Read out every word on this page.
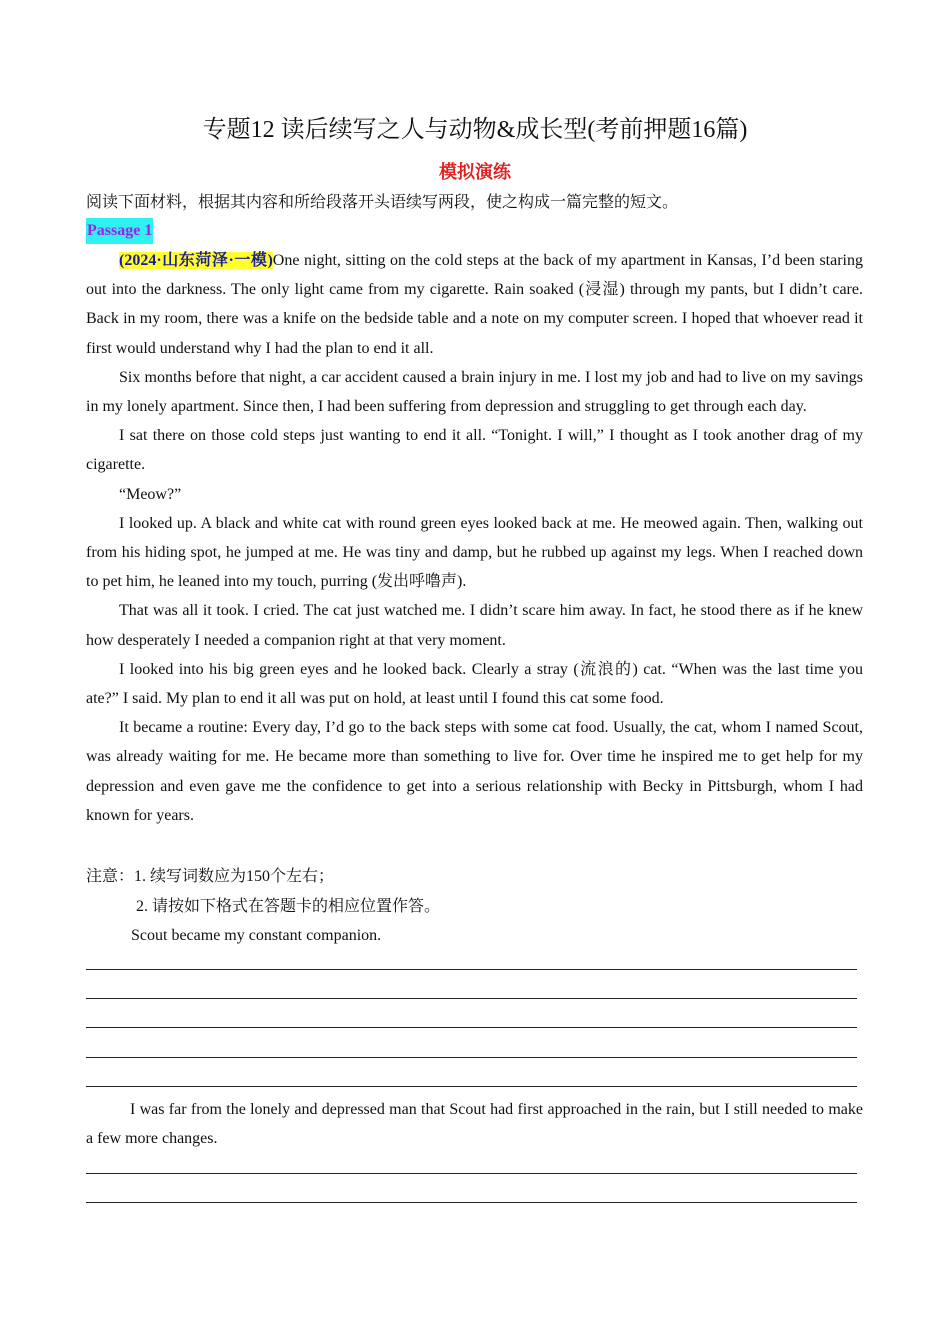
专题12 读后续写之人与动物&成长型(考前押题16篇)
模拟演练
阅读下面材料，根据其内容和所给段落开头语续写两段，使之构成一篇完整的短文。
Passage 1

(2024·山东菏泽·一模)One night, sitting on the cold steps at the back of my apartment in Kansas, I’d been staring out into the darkness. The only light came from my cigarette. Rain soaked (浸湿) through my pants, but I didn’t care. Back in my room, there was a knife on the bedside table and a note on my computer screen. I hoped that whoever read it first would understand why I had the plan to end it all.

Six months before that night, a car accident caused a brain injury in me. I lost my job and had to live on my savings in my lonely apartment. Since then, I had been suffering from depression and struggling to get through each day.

I sat there on those cold steps just wanting to end it all. “Tonight. I will,” I thought as I took another drag of my cigarette.

“Meow?”

I looked up. A black and white cat with round green eyes looked back at me. He meowed again. Then, walking out from his hiding spot, he jumped at me. He was tiny and damp, but he rubbed up against my legs. When I reached down to pet him, he leaned into my touch, purring (发出呼噜声).

That was all it took. I cried. The cat just watched me. I didn’t scare him away. In fact, he stood there as if he knew how desperately I needed a companion right at that very moment.

I looked into his big green eyes and he looked back. Clearly a stray (流浪的) cat. “When was the last time you ate?” I said. My plan to end it all was put on hold, at least until I found this cat some food.

It became a routine: Every day, I’d go to the back steps with some cat food. Usually, the cat, whom I named Scout, was already waiting for me. He became more than something to live for. Over time he inspired me to get help for my depression and even gave me the confidence to get into a serious relationship with Becky in Pittsburgh, whom I had known for years.

注意：1. 续写词数应为150个左右；
2. 请按如下格式在答题卡的相应位置作答。
Scout became my constant companion.
I was far from the lonely and depressed man that Scout had first approached in the rain, but I still needed to make a few more changes.
